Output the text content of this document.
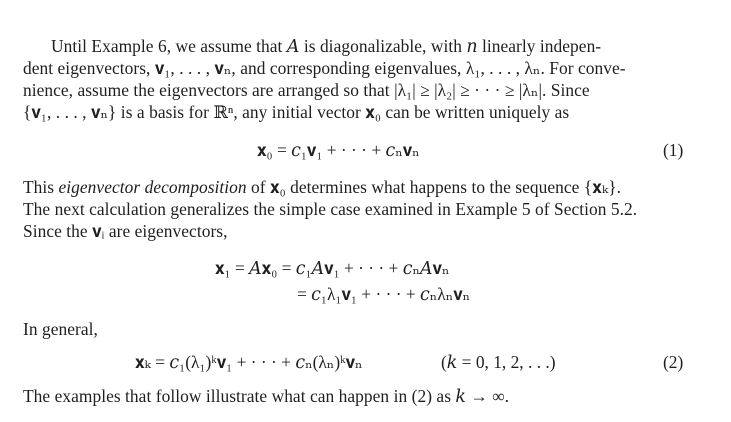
Until Example 6, we assume that 𝐴 is diagonalizable, with 𝑛 linearly indepen-
dent eigenvectors, 𝐯₁, . . . , 𝐯ₙ, and corresponding eigenvalues, λ₁, . . . , λₙ. For conve-
nience, assume the eigenvectors are arranged so that |λ₁| ≥ |λ₂| ≥ · · · ≥ |λₙ|. Since
{𝐯₁, . . . , 𝐯ₙ} is a basis for ℝⁿ, any initial vector 𝐱₀ can be written uniquely as
𝐱₀ = 𝑐₁𝐯₁ + · · · + 𝑐ₙ𝐯ₙ	(1)
This eigenvector decomposition of 𝐱₀ determines what happens to the sequence {𝐱ₖ}.
The next calculation generalizes the simple case examined in Example 5 of Section 5.2.
Since the 𝐯ᵢ are eigenvectors,
𝐱₁ = 𝐴𝐱₀ = 𝑐₁𝐴𝐯₁ + · · · + 𝑐ₙ𝐴𝐯ₙ
= 𝑐₁λ₁𝐯₁ + · · · + 𝑐ₙλₙ𝐯ₙ
In general,
𝐱ₖ = 𝑐₁(λ₁)ᵏ𝐯₁ + · · · + 𝑐ₙ(λₙ)ᵏ𝐯ₙ	(𝑘 = 0, 1, 2, . . .)	(2)
The examples that follow illustrate what can happen in (2) as 𝑘 → ∞.
